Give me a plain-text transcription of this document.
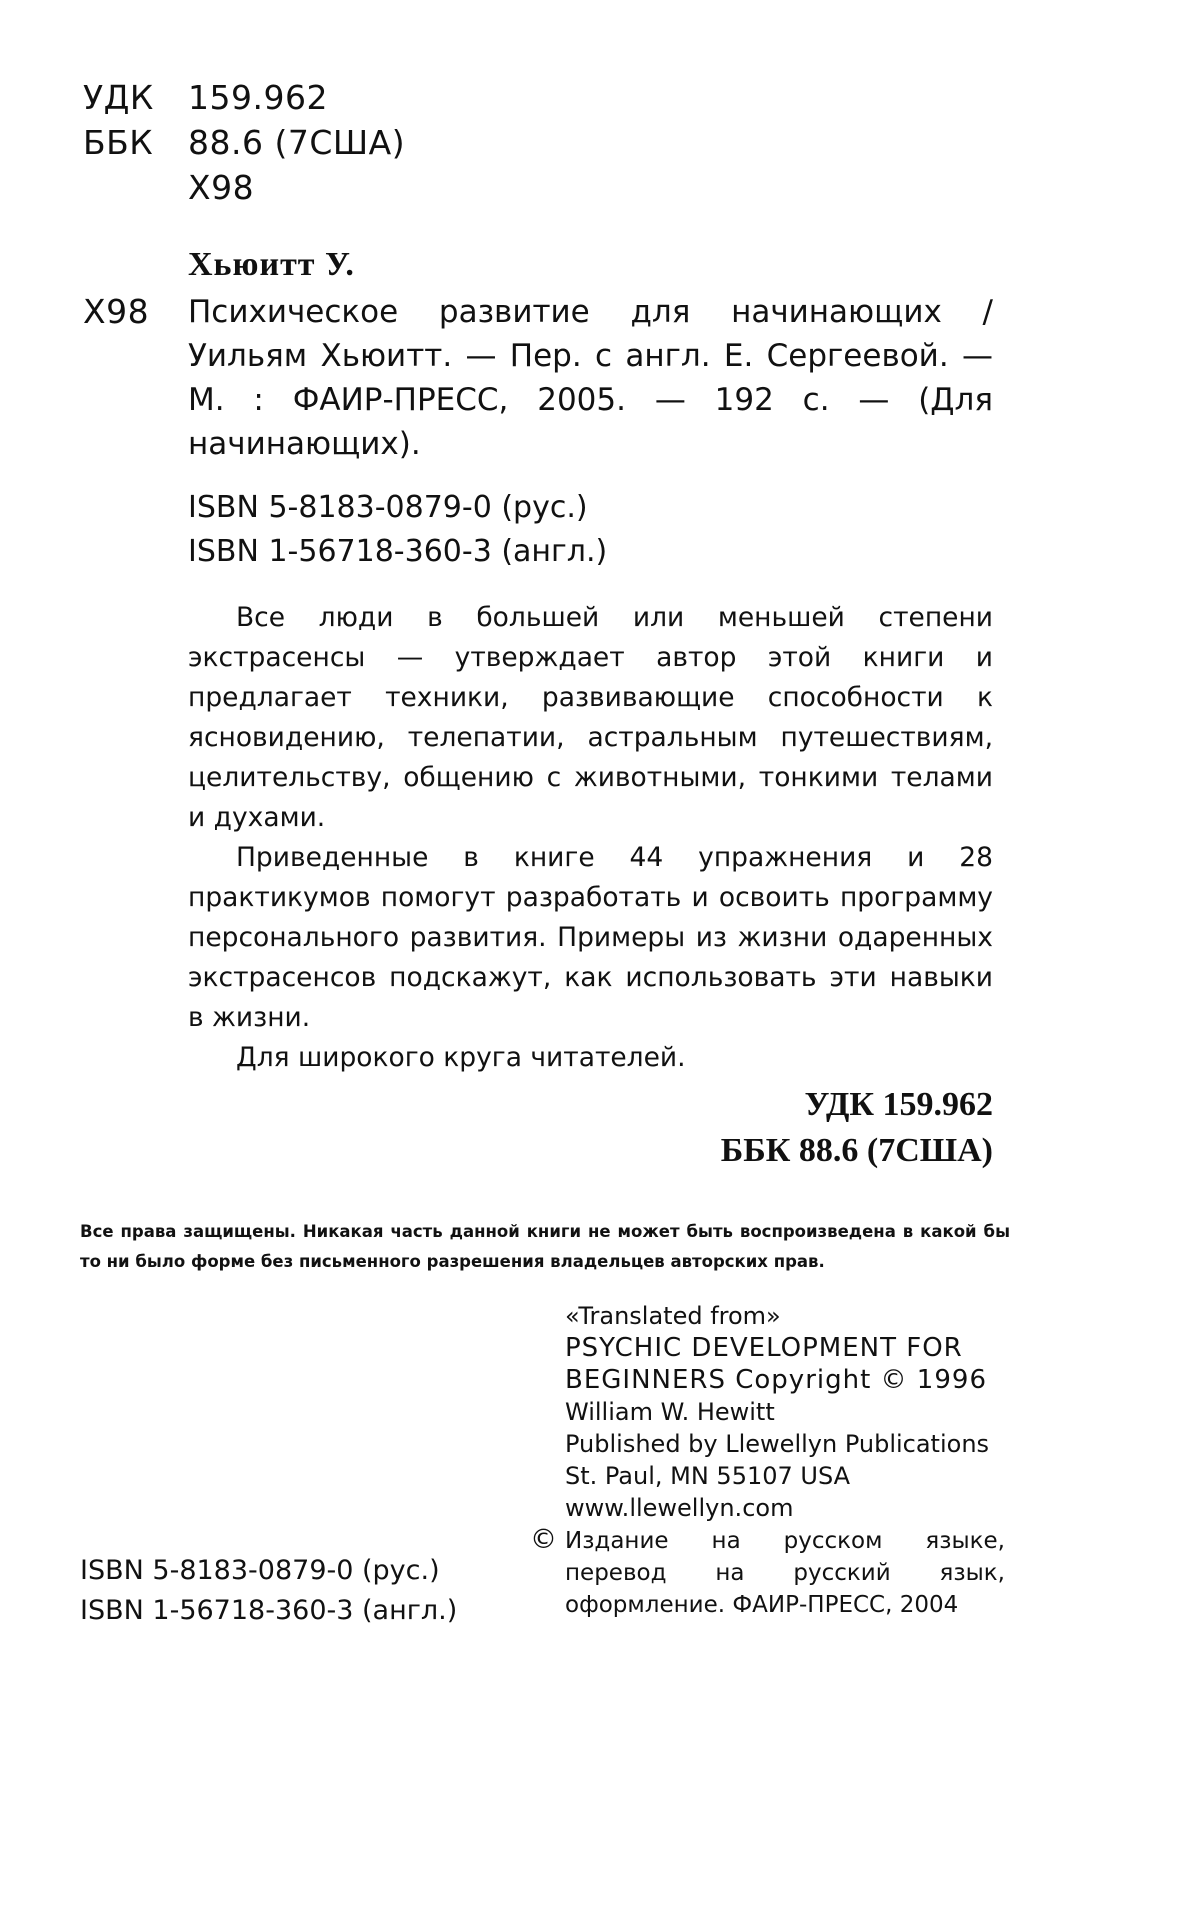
УДК 159.962
ББК 88.6 (7США)
Х98
Хьюитт У.
Х98 Психическое развитие для начинающих / Уильям Хьюитт. — Пер. с англ. Е. Сергеевой. — М. : ФАИР-ПРЕСС, 2005. — 192 с. — (Для начинающих).
ISBN 5-8183-0879-0 (рус.)
ISBN 1-56718-360-3 (англ.)

Все люди в большей или меньшей степени экстрасенсы — утверждает автор этой книги и предлагает техники, развивающие способности к ясновидению, телепатии, астральным путешествиям, целительству, общению с животными, тонкими телами и духами.

Приведенные в книге 44 упражнения и 28 практикумов помогут разработать и освоить программу персонального развития. Примеры из жизни одаренных экстрасенсов подскажут, как использовать эти навыки в жизни.

Для широкого круга читателей.

УДК 159.962
ББК 88.6 (7США)
Все права защищены. Никакая часть данной книги не может быть воспроизведена в какой бы то ни было форме без письменного разрешения владельцев авторских прав.
«Translated from»
PSYCHIC DEVELOPMENT FOR
BEGINNERS Copyright © 1996
William W. Hewitt
Published by Llewellyn Publications
St. Paul, MN 55107 USA
www.llewellyn.com
© Издание на русском языке, перевод на русский язык, оформление. ФАИР-ПРЕСС, 2004
ISBN 5-8183-0879-0 (рус.)
ISBN 1-56718-360-3 (англ.)
